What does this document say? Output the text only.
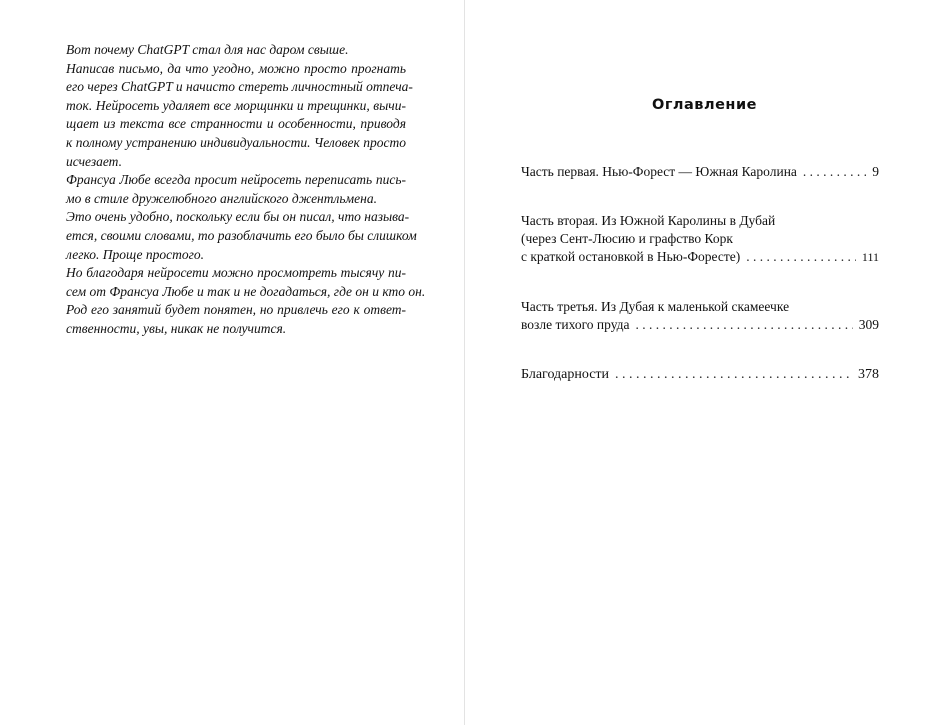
Вот почему ChatGPT стал для нас даром свыше.
Написав письмо, да что угодно, можно просто прогнать
его через ChatGPT и начисто стереть личностный отпеча-
ток. Нейросеть удаляет все морщинки и трещинки, вычи-
щает из текста все странности и особенности, приводя
к полному устранению индивидуальности. Человек просто
исчезает.
Франсуа Любе всегда просит нейросеть переписать пись-
мо в стиле дружелюбного английского джентльмена.
Это очень удобно, поскольку если бы он писал, что называ-
ется, своими словами, то разоблачить его было бы слишком
легко. Проще простого.
Но благодаря нейросети можно просмотреть тысячу пи-
сем от Франсуа Любе и так и не догадаться, где он и кто он.
Род его занятий будет понятен, но привлечь его к ответ-
ственности, увы, никак не получится.
Оглавление
Часть первая. Нью-Форест — Южная Каролина . . .	9
Часть вторая. Из Южной Каролины в Дубай
(через Сент-Люсию и графство Корк
с краткой остановкой в Нью-Форесте) . . .	111
Часть третья. Из Дубая к маленькой скамеечке
возле тихого пруда . . .	309
Благодарности . . .	378
